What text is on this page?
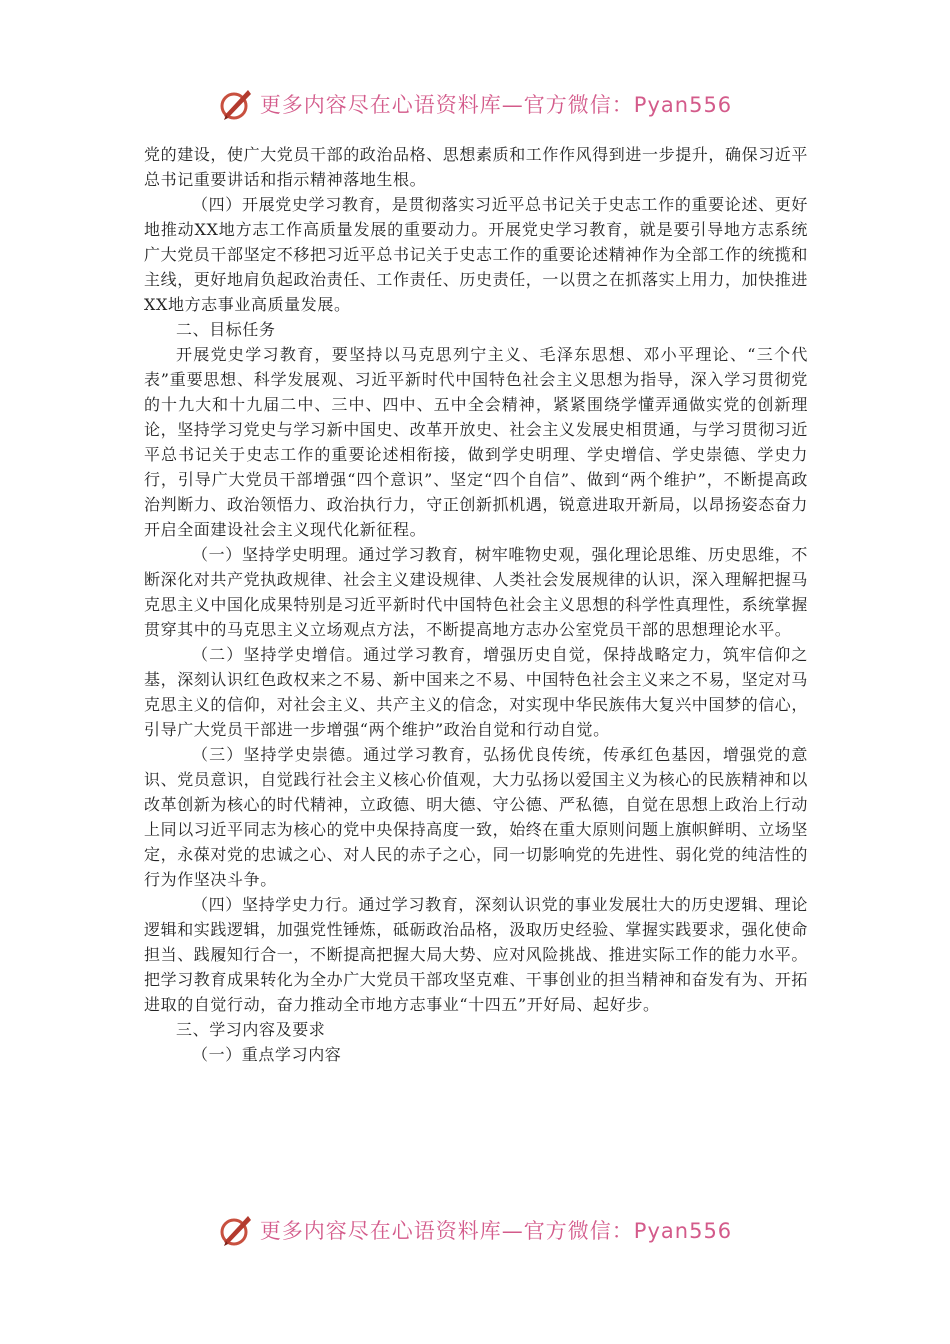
更多内容尽在心语资料库—官方微信：Pyan556

党的建设，使广大党员干部的政治品格、思想素质和工作作风得到进一步提升，确保习近平总书记重要讲话和指示精神落地生根。

（四）开展党史学习教育，是贯彻落实习近平总书记关于史志工作的重要论述、更好地推动XX地方志工作高质量发展的重要动力。开展党史学习教育，就是要引导地方志系统广大党员干部坚定不移把习近平总书记关于史志工作的重要论述精神作为全部工作的统揽和主线，更好地肩负起政治责任、工作责任、历史责任，一以贯之在抓落实上用力，加快推进XX地方志事业高质量发展。

二、目标任务

开展党史学习教育，要坚持以马克思列宁主义、毛泽东思想、邓小平理论、“三个代表”重要思想、科学发展观、习近平新时代中国特色社会主义思想为指导，深入学习贯彻党的十九大和十九届二中、三中、四中、五中全会精神，紧紧围绕学懂弄通做实党的创新理论，坚持学习党史与学习新中国史、改革开放史、社会主义发展史相贯通，与学习贯彻习近平总书记关于史志工作的重要论述相衔接，做到学史明理、学史增信、学史崇德、学史力行，引导广大党员干部增强“四个意识”、坚定“四个自信”、做到“两个维护”，不断提高政治判断力、政治领悟力、政治执行力，守正创新抓机遇，锐意进取开新局，以昂扬姿态奋力开启全面建设社会主义现代化新征程。

（一）坚持学史明理。通过学习教育，树牢唯物史观，强化理论思维、历史思维，不断深化对共产党执政规律、社会主义建设规律、人类社会发展规律的认识，深入理解把握马克思主义中国化成果特别是习近平新时代中国特色社会主义思想的科学性真理性，系统掌握贯穿其中的马克思主义立场观点方法，不断提高地方志办公室党员干部的思想理论水平。

（二）坚持学史增信。通过学习教育，增强历史自觉，保持战略定力，筑牢信仰之基，深刻认识红色政权来之不易、新中国来之不易、中国特色社会主义来之不易，坚定对马克思主义的信仰，对社会主义、共产主义的信念，对实现中华民族伟大复兴中国梦的信心，引导广大党员干部进一步增强“两个维护”政治自觉和行动自觉。

（三）坚持学史崇德。通过学习教育，弘扬优良传统，传承红色基因，增强党的意识、党员意识，自觉践行社会主义核心价值观，大力弘扬以爱国主义为核心的民族精神和以改革创新为核心的时代精神，立政德、明大德、守公德、严私德，自觉在思想上政治上行动上同以习近平同志为核心的党中央保持高度一致，始终在重大原则问题上旗帜鲜明、立场坚定，永葆对党的忠诚之心、对人民的赤子之心，同一切影响党的先进性、弱化党的纯洁性的行为作坚决斗争。

（四）坚持学史力行。通过学习教育，深刻认识党的事业发展壮大的历史逻辑、理论逻辑和实践逻辑，加强党性锤炼，砥砺政治品格，汲取历史经验、掌握实践要求，强化使命担当、践履知行合一，不断提高把握大局大势、应对风险挑战、推进实际工作的能力水平。把学习教育成果转化为全办广大党员干部攻坚克难、干事创业的担当精神和奋发有为、开拓进取的自觉行动，奋力推动全市地方志事业“十四五”开好局、起好步。

三、学习内容及要求

（一）重点学习内容

更多内容尽在心语资料库—官方微信：Pyan556
